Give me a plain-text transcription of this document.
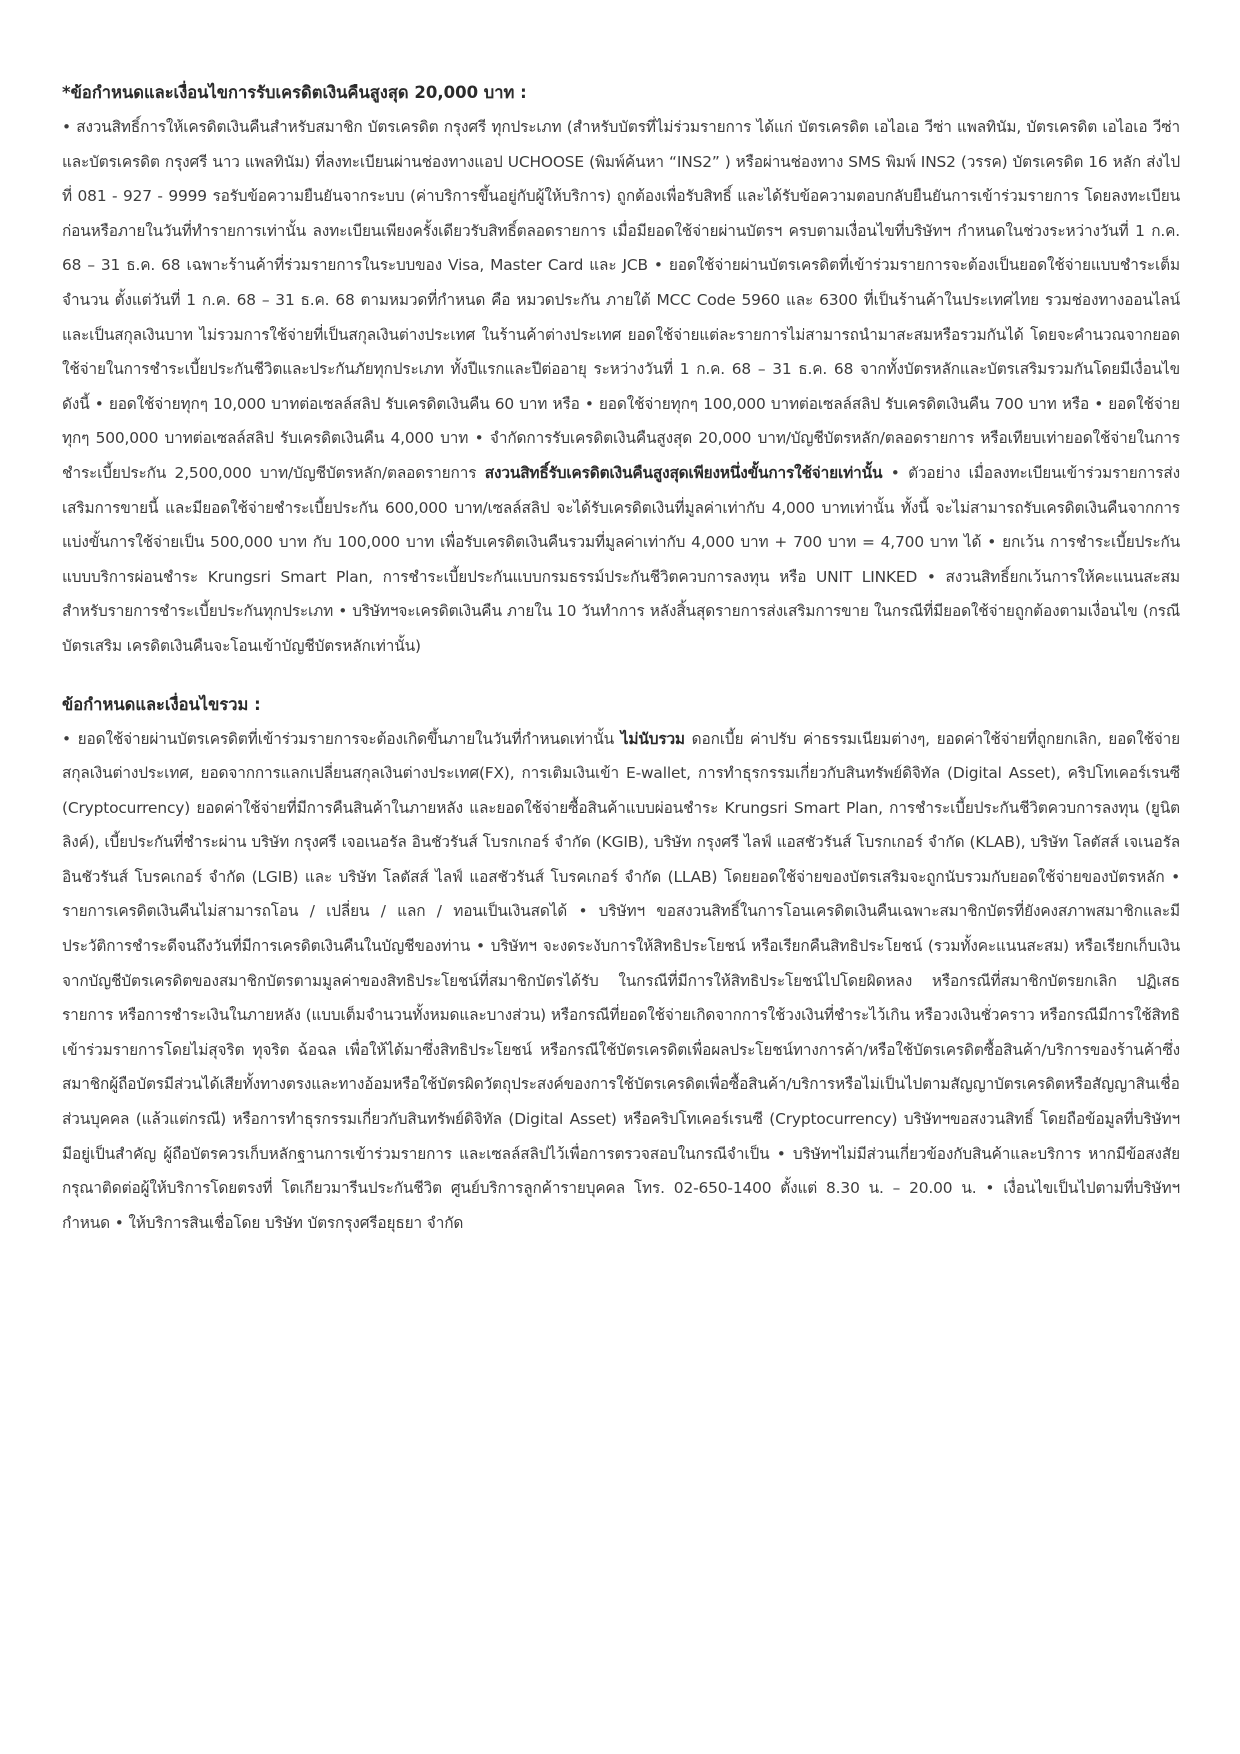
*ข้อกำหนดและเงื่อนไขการรับเครดิตเงินคืนสูงสุด 20,000 บาท :

• สงวนสิทธิ์การให้เครดิตเงินคืนสำหรับสมาชิก บัตรเครดิต กรุงศรี ทุกประเภท (สำหรับบัตรที่ไม่ร่วมรายการ ได้แก่ บัตรเครดิต เอไอเอ วีซ่า แพลทินัม, บัตรเครดิต เอไอเอ วีซ่า และบัตรเครดิต กรุงศรี นาว แพลทินัม) ที่ลงทะเบียนผ่านช่องทางแอป UCHOOSE (พิมพ์ค้นหา “INS2” ) หรือผ่านช่องทาง SMS พิมพ์ INS2 (วรรค) บัตรเครดิต 16 หลัก ส่งไปที่ 081 - 927 - 9999 รอรับข้อความยืนยันจากระบบ (ค่าบริการขึ้นอยู่กับผู้ให้บริการ) ถูกต้องเพื่อรับสิทธิ์ และได้รับข้อความตอบกลับยืนยันการเข้าร่วมรายการ โดยลงทะเบียนก่อนหรือภายในวันที่ทำรายการเท่านั้น ลงทะเบียนเพียงครั้งเดียวรับสิทธิ์ตลอดรายการ เมื่อมียอดใช้จ่ายผ่านบัตรฯ ครบตามเงื่อนไขที่บริษัทฯ กำหนดในช่วงระหว่างวันที่ 1 ก.ค. 68 – 31 ธ.ค. 68 เฉพาะร้านค้าที่ร่วมรายการในระบบของ Visa, Master Card และ JCB • ยอดใช้จ่ายผ่านบัตรเครดิตที่เข้าร่วมรายการจะต้องเป็นยอดใช้จ่ายแบบชำระเต็มจำนวน ตั้งแต่วันที่ 1 ก.ค. 68 – 31 ธ.ค. 68 ตามหมวดที่กำหนด คือ หมวดประกัน ภายใต้ MCC Code 5960 และ 6300 ที่เป็นร้านค้าในประเทศไทย รวมช่องทางออนไลน์และเป็นสกุลเงินบาท ไม่รวมการใช้จ่ายที่เป็นสกุลเงินต่างประเทศ ในร้านค้าต่างประเทศ ยอดใช้จ่ายแต่ละรายการไม่สามารถนำมาสะสมหรือรวมกันได้ โดยจะคำนวณจากยอดใช้จ่ายในการชำระเบี้ยประกันชีวิตและประกันภัยทุกประเภท ทั้งปีแรกและปีต่ออายุ ระหว่างวันที่ 1 ก.ค. 68 – 31 ธ.ค. 68 จากทั้งบัตรหลักและบัตรเสริมรวมกันโดยมีเงื่อนไขดังนี้ • ยอดใช้จ่ายทุกๆ 10,000 บาทต่อเซลล์สลิป รับเครดิตเงินคืน 60 บาท หรือ • ยอดใช้จ่ายทุกๆ 100,000 บาทต่อเซลล์สลิป รับเครดิตเงินคืน 700 บาท หรือ • ยอดใช้จ่ายทุกๆ 500,000 บาทต่อเซลล์สลิป รับเครดิตเงินคืน 4,000 บาท • จำกัดการรับเครดิตเงินคืนสูงสุด 20,000 บาท/บัญชีบัตรหลัก/ตลอดรายการ หรือเทียบเท่ายอดใช้จ่ายในการชำระเบี้ยประกัน 2,500,000 บาท/บัญชีบัตรหลัก/ตลอดรายการ สงวนสิทธิ์รับเครดิตเงินคืนสูงสุดเพียงหนึ่งขั้นการใช้จ่ายเท่านั้น • ตัวอย่าง เมื่อลงทะเบียนเข้าร่วมรายการส่งเสริมการขายนี้ และมียอดใช้จ่ายชำระเบี้ยประกัน 600,000 บาท/เซลล์สลิป จะได้รับเครดิตเงินที่มูลค่าเท่ากับ 4,000 บาทเท่านั้น ทั้งนี้ จะไม่สามารถรับเครดิตเงินคืนจากการแบ่งขั้นการใช้จ่ายเป็น 500,000 บาท กับ 100,000 บาท เพื่อรับเครดิตเงินคืนรวมที่มูลค่าเท่ากับ 4,000 บาท + 700 บาท = 4,700 บาท ได้ • ยกเว้น การชำระเบี้ยประกันแบบบริการผ่อนชำระ Krungsri Smart Plan, การชำระเบี้ยประกันแบบกรมธรรม์ประกันชีวิตควบการลงทุน หรือ UNIT LINKED • สงวนสิทธิ์ยกเว้นการให้คะแนนสะสม สำหรับรายการชำระเบี้ยประกันทุกประเภท • บริษัทฯจะเครดิตเงินคืน ภายใน 10 วันทำการ หลังสิ้นสุดรายการส่งเสริมการขาย ในกรณีที่มียอดใช้จ่ายถูกต้องตามเงื่อนไข (กรณีบัตรเสริม เครดิตเงินคืนจะโอนเข้าบัญชีบัตรหลักเท่านั้น)

ข้อกำหนดและเงื่อนไขรวม :

• ยอดใช้จ่ายผ่านบัตรเครดิตที่เข้าร่วมรายการจะต้องเกิดขึ้นภายในวันที่กำหนดเท่านั้น ไม่นับรวม ดอกเบี้ย ค่าปรับ ค่าธรรมเนียมต่างๆ, ยอดค่าใช้จ่ายที่ถูกยกเลิก, ยอดใช้จ่ายสกุลเงินต่างประเทศ, ยอดจากการแลกเปลี่ยนสกุลเงินต่างประเทศ(FX), การเติมเงินเข้า E-wallet, การทำธุรกรรมเกี่ยวกับสินทรัพย์ดิจิทัล (Digital Asset), คริปโทเคอร์เรนซี (Cryptocurrency) ยอดค่าใช้จ่ายที่มีการคืนสินค้าในภายหลัง และยอดใช้จ่ายซื้อสินค้าแบบผ่อนชำระ Krungsri Smart Plan, การชำระเบี้ยประกันชีวิตควบการลงทุน (ยูนิต ลิงค์), เบี้ยประกันที่ชำระผ่าน บริษัท กรุงศรี เจอเนอรัล อินชัวรันส์ โบรกเกอร์ จำกัด (KGIB), บริษัท กรุงศรี ไลฟ์ แอสชัวรันส์ โบรกเกอร์ จำกัด (KLAB), บริษัท โลตัสส์ เจเนอรัล อินชัวรันส์ โบรคเกอร์ จำกัด (LGIB) และ บริษัท โลตัสส์ ไลฟ์ แอสชัวรันส์ โบรคเกอร์ จำกัด (LLAB) โดยยอดใช้จ่ายของบัตรเสริมจะถูกนับรวมกับยอดใช้จ่ายของบัตรหลัก • รายการเครดิตเงินคืนไม่สามารถโอน / เปลี่ยน / แลก / ทอนเป็นเงินสดได้ • บริษัทฯ ขอสงวนสิทธิ์ในการโอนเครดิตเงินคืนเฉพาะสมาชิกบัตรที่ยังคงสภาพสมาชิกและมีประวัติการชำระดีจนถึงวันที่มีการเครดิตเงินคืนในบัญชีของท่าน • บริษัทฯ จะงดระงับการให้สิทธิประโยชน์ หรือเรียกคืนสิทธิประโยชน์ (รวมทั้งคะแนนสะสม) หรือเรียกเก็บเงินจากบัญชีบัตรเครดิตของสมาชิกบัตรตามมูลค่าของสิทธิประโยชน์ที่สมาชิกบัตรได้รับ ในกรณีที่มีการให้สิทธิประโยชน์ไปโดยผิดหลง หรือกรณีที่สมาชิกบัตรยกเลิก ปฏิเสธรายการ หรือการชำระเงินในภายหลัง (แบบเต็มจำนวนทั้งหมดและบางส่วน) หรือกรณีที่ยอดใช้จ่ายเกิดจากการใช้วงเงินที่ชำระไว้เกิน หรือวงเงินชั่วคราว หรือกรณีมีการใช้สิทธิเข้าร่วมรายการโดยไม่สุจริต ทุจริต ฉ้อฉล เพื่อให้ได้มาซึ่งสิทธิประโยชน์ หรือกรณีใช้บัตรเครดิตเพื่อผลประโยชน์ทางการค้า/หรือใช้บัตรเครดิตซื้อสินค้า/บริการของร้านค้าซึ่งสมาชิกผู้ถือบัตรมีส่วนได้เสียทั้งทางตรงและทางอ้อมหรือใช้บัตรผิดวัตถุประสงค์ของการใช้บัตรเครดิตเพื่อซื้อสินค้า/บริการหรือไม่เป็นไปตามสัญญาบัตรเครดิตหรือสัญญาสินเชื่อส่วนบุคคล (แล้วแต่กรณี) หรือการทำธุรกรรมเกี่ยวกับสินทรัพย์ดิจิทัล (Digital Asset) หรือคริปโทเคอร์เรนซี (Cryptocurrency) บริษัทฯขอสงวนสิทธิ์ โดยถือข้อมูลที่บริษัทฯ มีอยู่เป็นสำคัญ ผู้ถือบัตรควรเก็บหลักฐานการเข้าร่วมรายการ และเซลล์สลิปไว้เพื่อการตรวจสอบในกรณีจำเป็น • บริษัทฯไม่มีส่วนเกี่ยวข้องกับสินค้าและบริการ หากมีข้อสงสัยกรุณาติดต่อผู้ให้บริการโดยตรงที่ โตเกียวมารีนประกันชีวิต ศูนย์บริการลูกค้ารายบุคคล โทร. 02-650-1400 ตั้งแต่ 8.30 น. – 20.00 น. • เงื่อนไขเป็นไปตามที่บริษัทฯ กำหนด • ให้บริการสินเชื่อโดย บริษัท บัตรกรุงศรีอยุธยา จำกัด
